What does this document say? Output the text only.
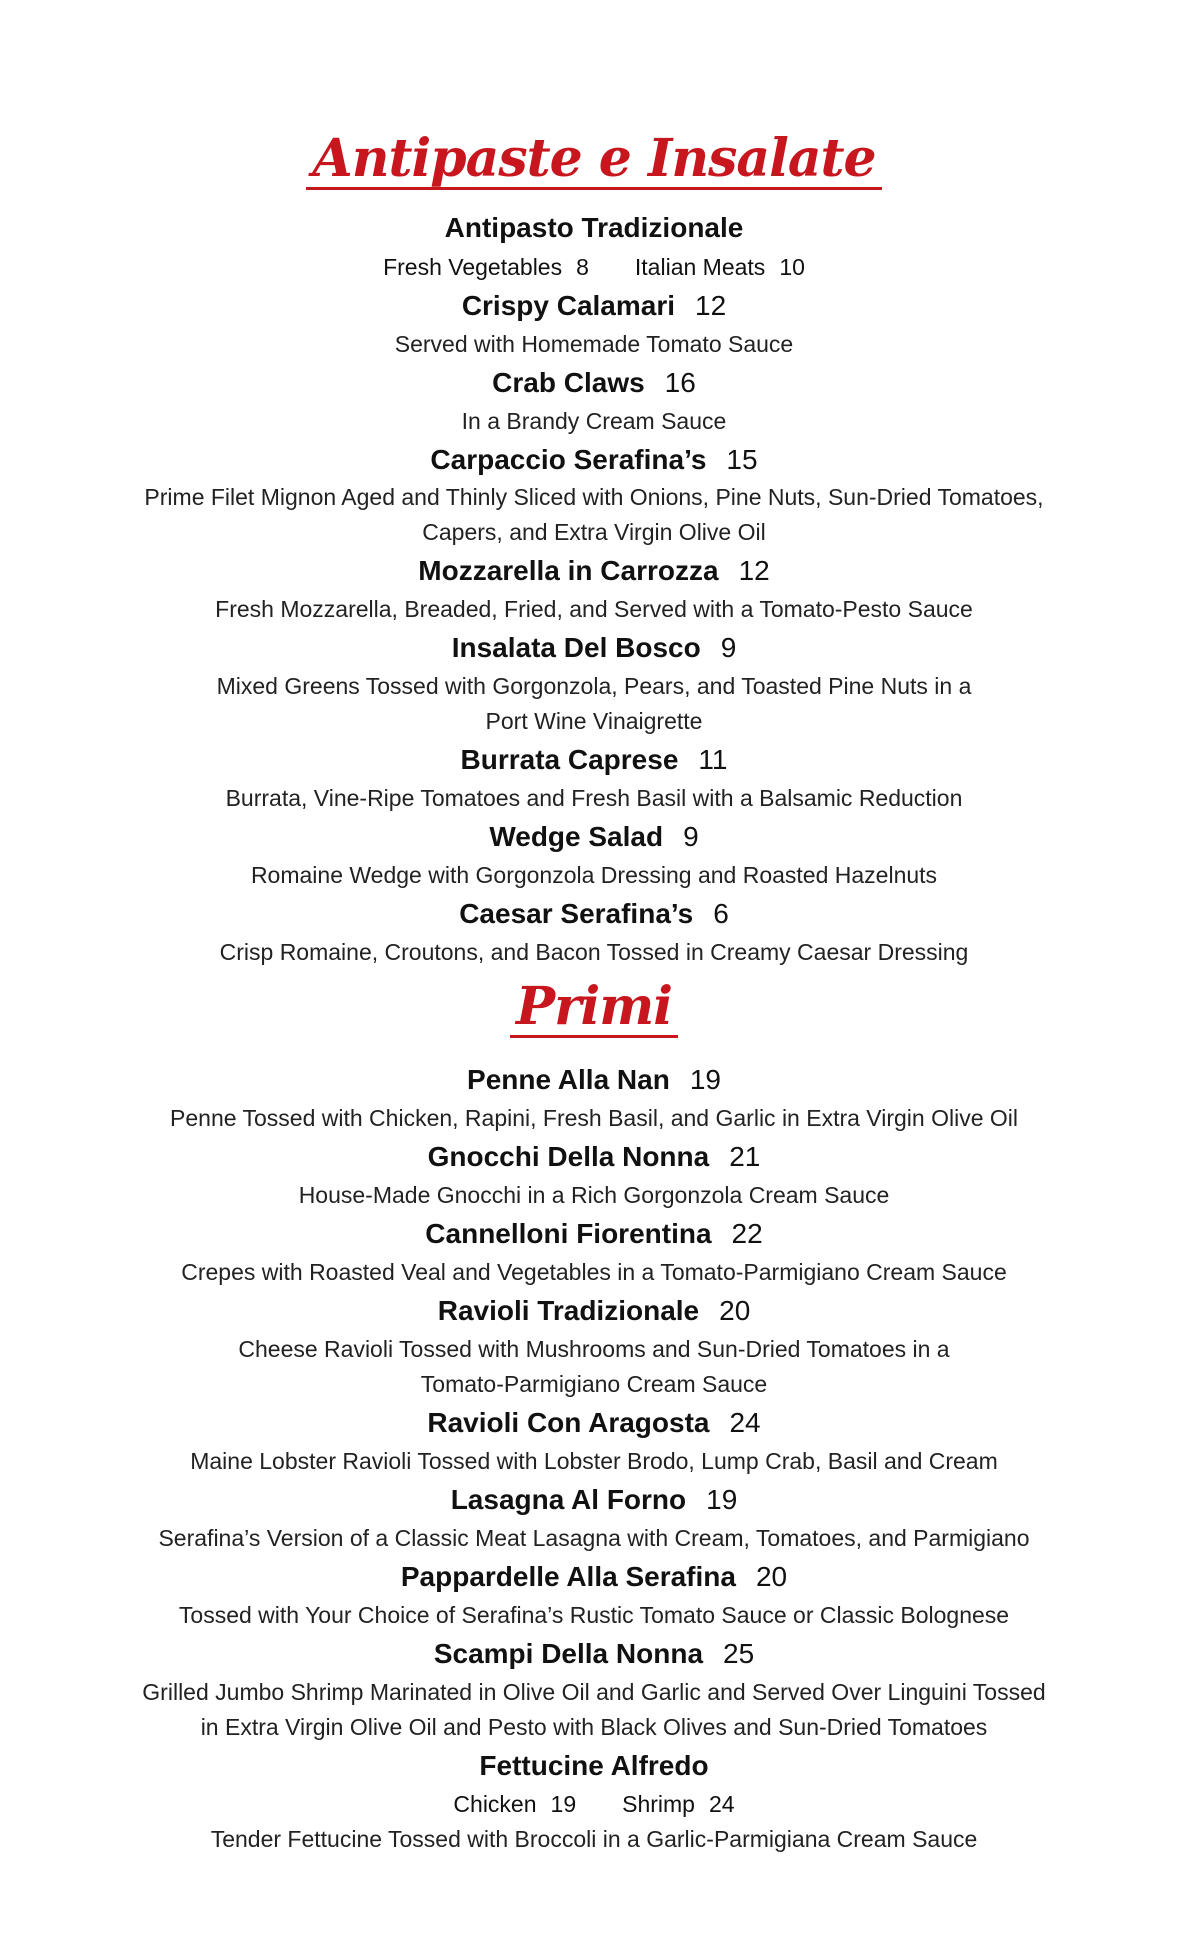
Antipaste e Insalate
Antipasto Tradizionale
Fresh Vegetables 8 Italian Meats 10
Crispy Calamari 12
Served with Homemade Tomato Sauce
Crab Claws 16
In a Brandy Cream Sauce
Carpaccio Serafina’s 15
Prime Filet Mignon Aged and Thinly Sliced with Onions, Pine Nuts, Sun-Dried Tomatoes,
Capers, and Extra Virgin Olive Oil
Mozzarella in Carrozza 12
Fresh Mozzarella, Breaded, Fried, and Served with a Tomato-Pesto Sauce
Insalata Del Bosco 9
Mixed Greens Tossed with Gorgonzola, Pears, and Toasted Pine Nuts in a
Port Wine Vinaigrette
Burrata Caprese 11
Burrata, Vine-Ripe Tomatoes and Fresh Basil with a Balsamic Reduction
Wedge Salad 9
Romaine Wedge with Gorgonzola Dressing and Roasted Hazelnuts
Caesar Serafina’s 6
Crisp Romaine, Croutons, and Bacon Tossed in Creamy Caesar Dressing
Primi
Penne Alla Nan 19
Penne Tossed with Chicken, Rapini, Fresh Basil, and Garlic in Extra Virgin Olive Oil
Gnocchi Della Nonna 21
House-Made Gnocchi in a Rich Gorgonzola Cream Sauce
Cannelloni Fiorentina 22
Crepes with Roasted Veal and Vegetables in a Tomato-Parmigiano Cream Sauce
Ravioli Tradizionale 20
Cheese Ravioli Tossed with Mushrooms and Sun-Dried Tomatoes in a
Tomato-Parmigiano Cream Sauce
Ravioli Con Aragosta 24
Maine Lobster Ravioli Tossed with Lobster Brodo, Lump Crab, Basil and Cream
Lasagna Al Forno 19
Serafina’s Version of a Classic Meat Lasagna with Cream, Tomatoes, and Parmigiano
Pappardelle Alla Serafina 20
Tossed with Your Choice of Serafina’s Rustic Tomato Sauce or Classic Bolognese
Scampi Della Nonna 25
Grilled Jumbo Shrimp Marinated in Olive Oil and Garlic and Served Over Linguini Tossed
in Extra Virgin Olive Oil and Pesto with Black Olives and Sun-Dried Tomatoes
Fettucine Alfredo
Chicken 19 Shrimp 24
Tender Fettucine Tossed with Broccoli in a Garlic-Parmigiana Cream Sauce
